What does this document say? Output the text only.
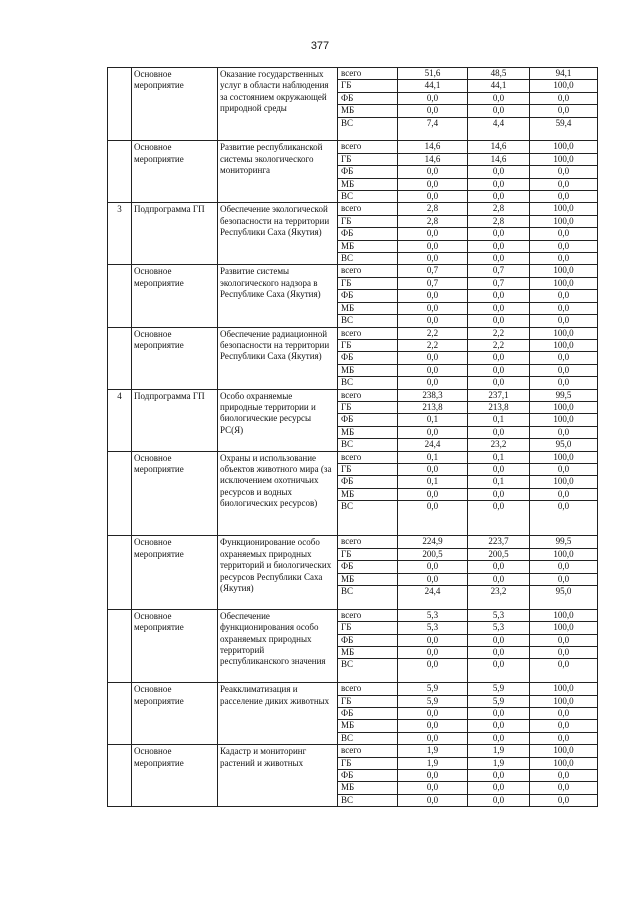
377
	Основное мероприятие	Оказание государственных услуг в области наблюдения за состоянием окружающей природной среды	всего	51,6	48,5	94,1
			ГБ	44,1	44,1	100,0
			ФБ	0,0	0,0	0,0
			МБ	0,0	0,0	0,0
			ВС	7,4	4,4	59,4
	Основное мероприятие	Развитие республиканской системы экологического мониторинга	всего	14,6	14,6	100,0
			ГБ	14,6	14,6	100,0
			ФБ	0,0	0,0	0,0
			МБ	0,0	0,0	0,0
			ВС	0,0	0,0	0,0
3	Подпрограмма ГП	Обеспечение экологической безопасности на территории Республики Саха (Якутия)	всего	2,8	2,8	100,0
			ГБ	2,8	2,8	100,0
			ФБ	0,0	0,0	0,0
			МБ	0,0	0,0	0,0
			ВС	0,0	0,0	0,0
	Основное мероприятие	Развитие системы экологического надзора в Республике Саха (Якутия)	всего	0,7	0,7	100,0
			ГБ	0,7	0,7	100,0
			ФБ	0,0	0,0	0,0
			МБ	0,0	0,0	0,0
			ВС	0,0	0,0	0,0
	Основное мероприятие	Обеспечение радиационной безопасности на территории Республики Саха (Якутия)	всего	2,2	2,2	100,0
			ГБ	2,2	2,2	100,0
			ФБ	0,0	0,0	0,0
			МБ	0,0	0,0	0,0
			ВС	0,0	0,0	0,0
4	Подпрограмма ГП	Особо охраняемые природные территории и биологические ресурсы РС(Я)	всего	238,3	237,1	99,5
			ГБ	213,8	213,8	100,0
			ФБ	0,1	0,1	100,0
			МБ	0,0	0,0	0,0
			ВС	24,4	23,2	95,0
	Основное мероприятие	Охраны и использование объектов животного мира (за исключением охотничьих ресурсов и водных биологических ресурсов)	всего	0,1	0,1	100,0
			ГБ	0,0	0,0	0,0
			ФБ	0,1	0,1	100,0
			МБ	0,0	0,0	0,0
			ВС	0,0	0,0	0,0
	Основное мероприятие	Функционирование особо охраняемых природных территорий и биологических ресурсов Республики Саха (Якутия)	всего	224,9	223,7	99,5
			ГБ	200,5	200,5	100,0
			ФБ	0,0	0,0	0,0
			МБ	0,0	0,0	0,0
			ВС	24,4	23,2	95,0
	Основное мероприятие	Обеспечение функционирования особо охраняемых природных территорий республиканского значения	всего	5,3	5,3	100,0
			ГБ	5,3	5,3	100,0
			ФБ	0,0	0,0	0,0
			МБ	0,0	0,0	0,0
			ВС	0,0	0,0	0,0
	Основное мероприятие	Реакклиматизация и расселение диких животных	всего	5,9	5,9	100,0
			ГБ	5,9	5,9	100,0
			ФБ	0,0	0,0	0,0
			МБ	0,0	0,0	0,0
			ВС	0,0	0,0	0,0
	Основное мероприятие	Кадастр и мониторинг растений и животных	всего	1,9	1,9	100,0
			ГБ	1,9	1,9	100,0
			ФБ	0,0	0,0	0,0
			МБ	0,0	0,0	0,0
			ВС	0,0	0,0	0,0
